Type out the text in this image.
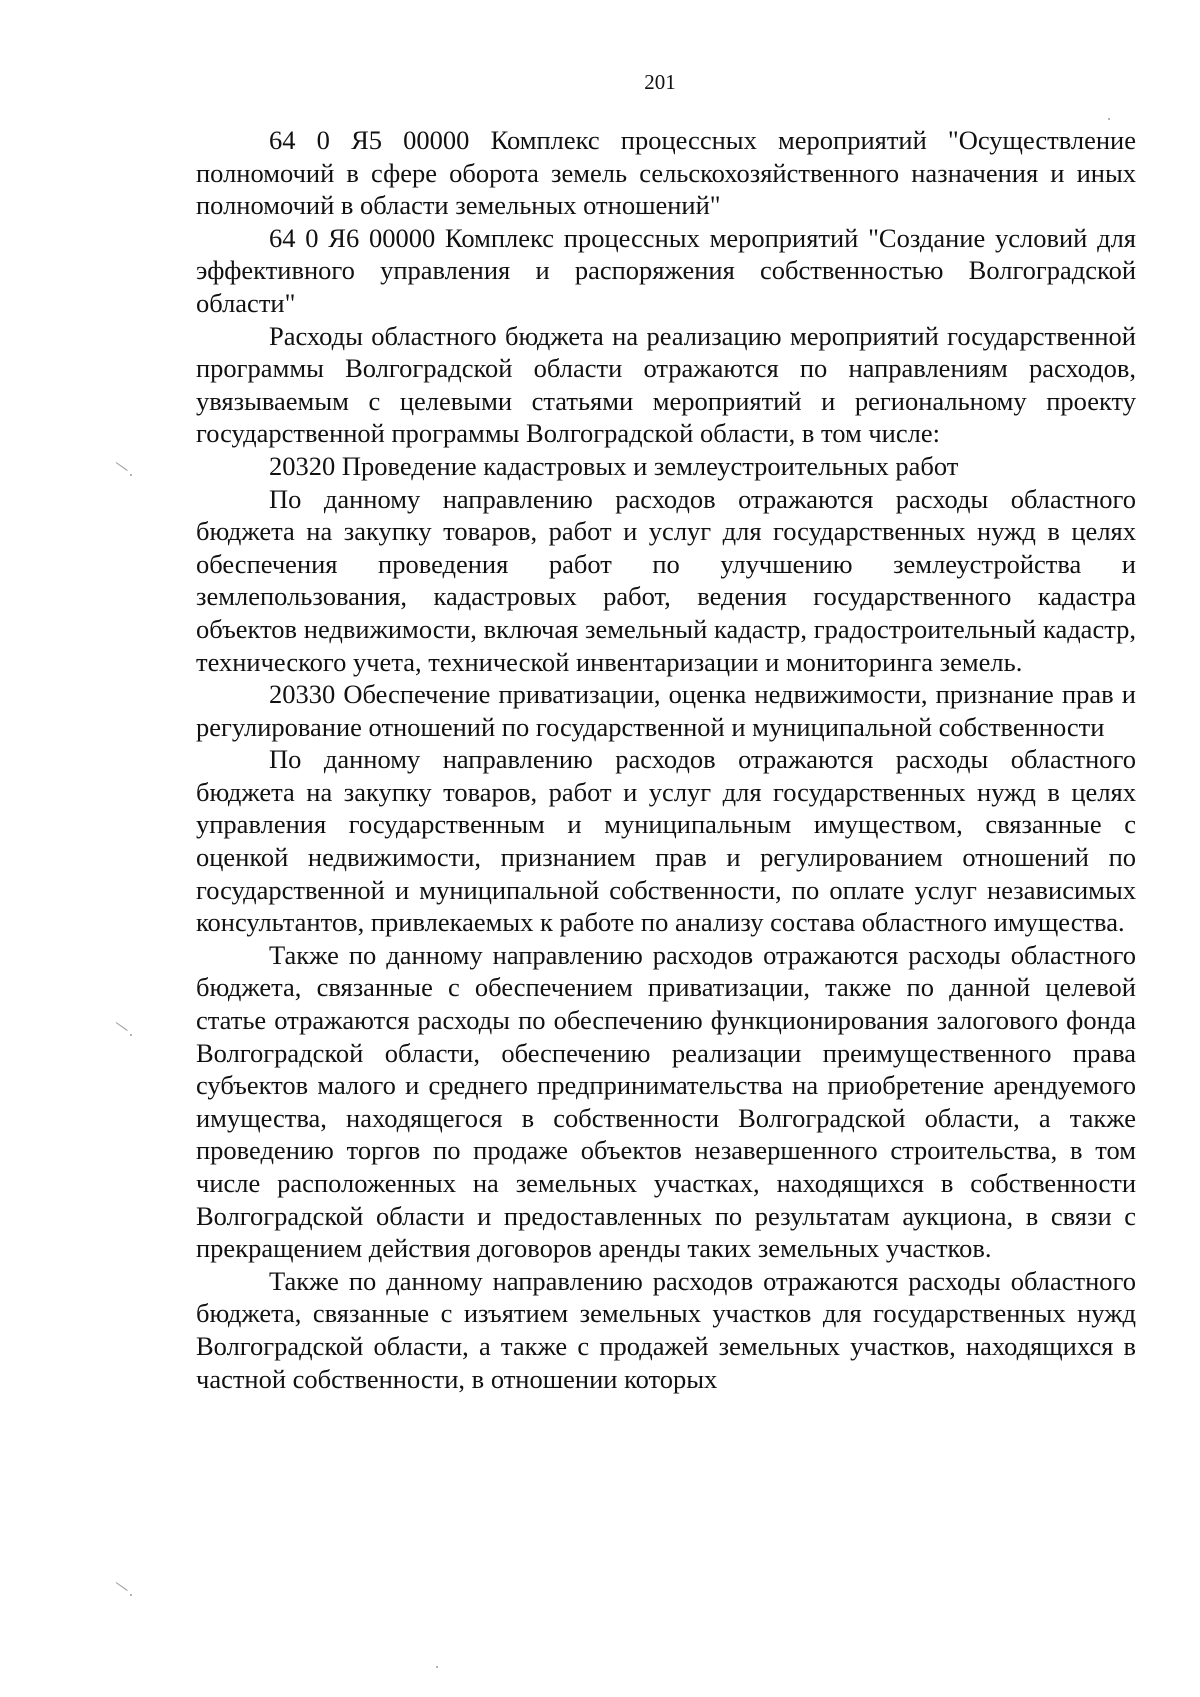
201

64 0 Я5 00000 Комплекс процессных мероприятий "Осуществление полномочий в сфере оборота земель сельскохозяйственного назначения и иных полномочий в области земельных отношений"

64 0 Я6 00000 Комплекс процессных мероприятий "Создание условий для эффективного управления и распоряжения собственностью Волгоградской области"

Расходы областного бюджета на реализацию мероприятий государственной программы Волгоградской области отражаются по направлениям расходов, увязываемым с целевыми статьями мероприятий и региональному проекту государственной программы Волгоградской области, в том числе:

20320 Проведение кадастровых и землеустроительных работ

По данному направлению расходов отражаются расходы областного бюджета на закупку товаров, работ и услуг для государственных нужд в целях обеспечения проведения работ по улучшению землеустройства и землепользования, кадастровых работ, ведения государственного кадастра объектов недвижимости, включая земельный кадастр, градостроительный кадастр, технического учета, технической инвентаризации и мониторинга земель.

20330 Обеспечение приватизации, оценка недвижимости, признание прав и регулирование отношений по государственной и муниципальной собственности

По данному направлению расходов отражаются расходы областного бюджета на закупку товаров, работ и услуг для государственных нужд в целях управления государственным и муниципальным имуществом, связанные с оценкой недвижимости, признанием прав и регулированием отношений по государственной и муниципальной собственности, по оплате услуг независимых консультантов, привлекаемых к работе по анализу состава областного имущества.

Также по данному направлению расходов отражаются расходы областного бюджета, связанные с обеспечением приватизации, также по данной целевой статье отражаются расходы по обеспечению функционирования залогового фонда Волгоградской области, обеспечению реализации преимущественного права субъектов малого и среднего предпринимательства на приобретение арендуемого имущества, находящегося в собственности Волгоградской области, а также проведению торгов по продаже объектов незавершенного строительства, в том числе расположенных на земельных участках, находящихся в собственности Волгоградской области и предоставленных по результатам аукциона, в связи с прекращением действия договоров аренды таких земельных участков.

Также по данному направлению расходов отражаются расходы областного бюджета, связанные с изъятием земельных участков для государственных нужд Волгоградской области, а также с продажей земельных участков, находящихся в частной собственности, в отношении которых
